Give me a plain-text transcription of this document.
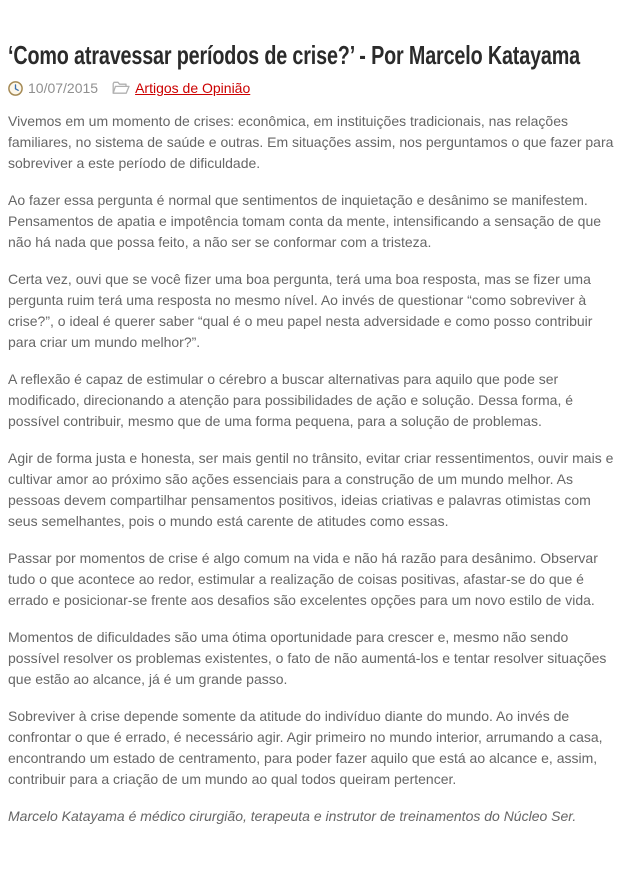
‘Como atravessar períodos de crise?’ - Por Marcelo Katayama
10/07/2015	Artigos de Opinião

Vivemos em um momento de crises: econômica, em instituições tradicionais, nas relações familiares, no sistema de saúde e outras. Em situações assim, nos perguntamos o que fazer para sobreviver a este período de dificuldade.

Ao fazer essa pergunta é normal que sentimentos de inquietação e desânimo se manifestem. Pensamentos de apatia e impotência tomam conta da mente, intensificando a sensação de que não há nada que possa feito, a não ser se conformar com a tristeza.

Certa vez, ouvi que se você fizer uma boa pergunta, terá uma boa resposta, mas se fizer uma pergunta ruim terá uma resposta no mesmo nível. Ao invés de questionar “como sobreviver à crise?”, o ideal é querer saber “qual é o meu papel nesta adversidade e como posso contribuir para criar um mundo melhor?”.

A reflexão é capaz de estimular o cérebro a buscar alternativas para aquilo que pode ser modificado, direcionando a atenção para possibilidades de ação e solução. Dessa forma, é possível contribuir, mesmo que de uma forma pequena, para a solução de problemas.

Agir de forma justa e honesta, ser mais gentil no trânsito, evitar criar ressentimentos, ouvir mais e cultivar amor ao próximo são ações essenciais para a construção de um mundo melhor. As pessoas devem compartilhar pensamentos positivos, ideias criativas e palavras otimistas com seus semelhantes, pois o mundo está carente de atitudes como essas.

Passar por momentos de crise é algo comum na vida e não há razão para desânimo. Observar tudo o que acontece ao redor, estimular a realização de coisas positivas, afastar-se do que é errado e posicionar-se frente aos desafios são excelentes opções para um novo estilo de vida.

Momentos de dificuldades são uma ótima oportunidade para crescer e, mesmo não sendo possível resolver os problemas existentes, o fato de não aumentá-los e tentar resolver situações que estão ao alcance, já é um grande passo.

Sobreviver à crise depende somente da atitude do indivíduo diante do mundo. Ao invés de confrontar o que é errado, é necessário agir. Agir primeiro no mundo interior, arrumando a casa, encontrando um estado de centramento, para poder fazer aquilo que está ao alcance e, assim, contribuir para a criação de um mundo ao qual todos queiram pertencer.

Marcelo Katayama é médico cirurgião, terapeuta e instrutor de treinamentos do Núcleo Ser.
